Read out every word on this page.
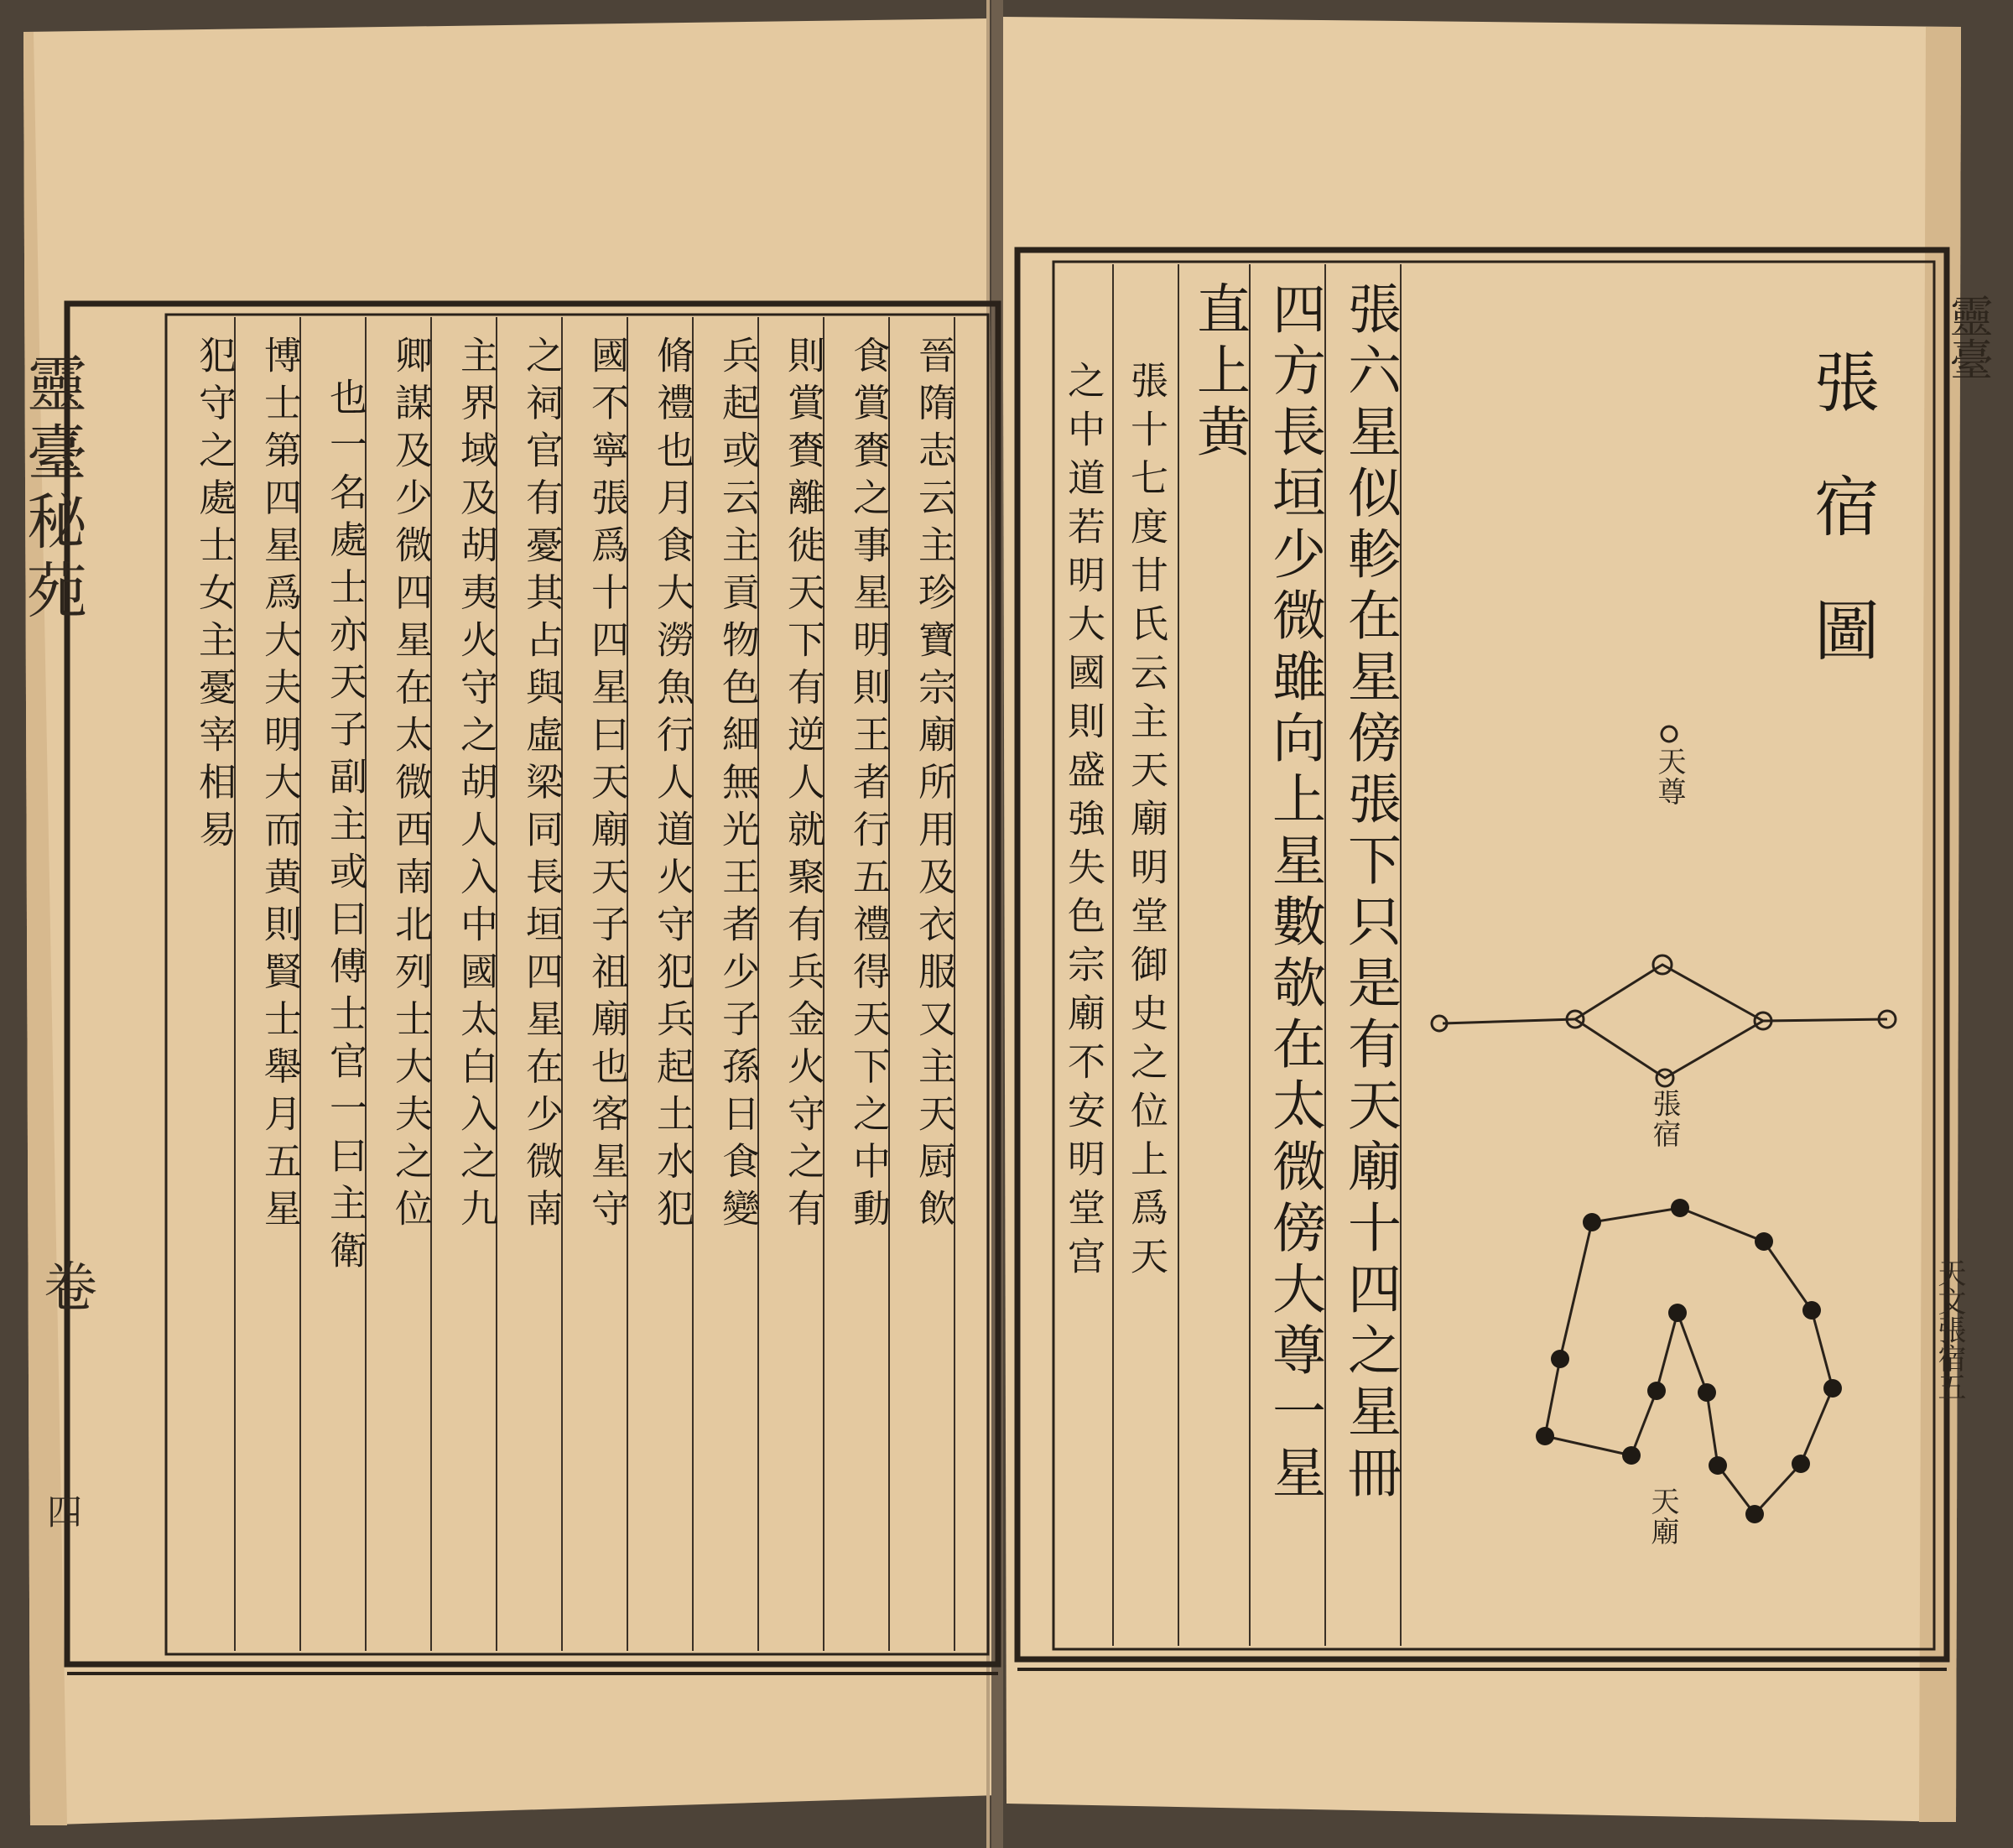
靈臺秘苑
卷
四
晉隋志云主珍寶宗廟所用及衣服又主天厨飲
食賞賚之事星明則王者行五禮得天下之中動
則賞賚離徙天下有逆人就聚有兵金火守之有
兵起或云主貢物色細無光王者少子孫日食變
脩禮也月食大澇魚行人道火守犯兵起土水犯
國不寧張爲十四星曰天廟天子祖廟也客星守
之祠官有憂其占與虛梁同長垣四星在少微南
主界域及胡夷火守之胡人入中國太白入之九
卿謀及少微四星在太微西南北列士大夫之位
也一名處士亦天子副主或曰傅士官一曰主衛
博士第四星爲大夫明大而黄則賢士舉月五星
犯守之處士女主憂宰相易	張宿圖
張六星似軫在星傍張下只是有天廟十四之星冊
四方長垣少微雖向上星數欹在太微傍大尊一星
直上黄
張十七度甘氏云主天廟明堂御史之位上爲天
之中道若明大國則盛強失色宗廟不安明堂宫	天尊
張宿
天廟
靈臺
天文張宿五
